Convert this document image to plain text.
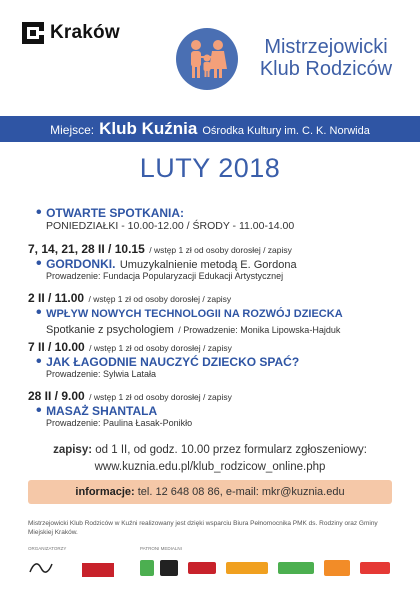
Kraków
Mistrzejowicki
Klub Rodziców
Miejsce: Klub Kuźnia Ośrodka Kultury im. C. K. Norwida
LUTY 2018
• OTWARTE SPOTKANIA:
PONIEDZIAŁKI - 10.00-12.00 / ŚRODY - 11.00-14.00
7, 14, 21, 28 II / 10.15 / wstęp 1 zł od osoby dorosłej / zapisy
• GORDONKI. Umuzykalnienie metodą E. Gordona
Prowadzenie: Fundacja Popularyzacji Edukacji Artystycznej
2 II / 11.00 / wstęp 1 zł od osoby dorosłej / zapisy
• WPŁYW NOWYCH TECHNOLOGII NA ROZWÓJ DZIECKA
Spotkanie z psychologiem / Prowadzenie: Monika Lipowska-Hajduk
7 II / 10.00 / wstęp 1 zł od osoby dorosłej / zapisy
• JAK ŁAGODNIE NAUCZYĆ DZIECKO SPAĆ?
Prowadzenie: Sylwia Latała
28 II / 9.00 / wstęp 1 zł od osoby dorosłej / zapisy
• MASAŻ SHANTALA
Prowadzenie: Paulina Łasak-Ponikło
zapisy: od 1 II, od godz. 10.00 przez formularz zgłoszeniowy:
www.kuznia.edu.pl/klub_rodzicow_online.php
informacje: tel. 12 648 08 86, e-mail: mkr@kuznia.edu
Mistrzejowicki Klub Rodziców w Kuźni realizowany jest dzięki wsparciu Biura Pełnomocnika PMK ds. Rodziny oraz Gminy Miejskiej Kraków.
ORGANIZATORZY	PATRONI MEDIALNI
